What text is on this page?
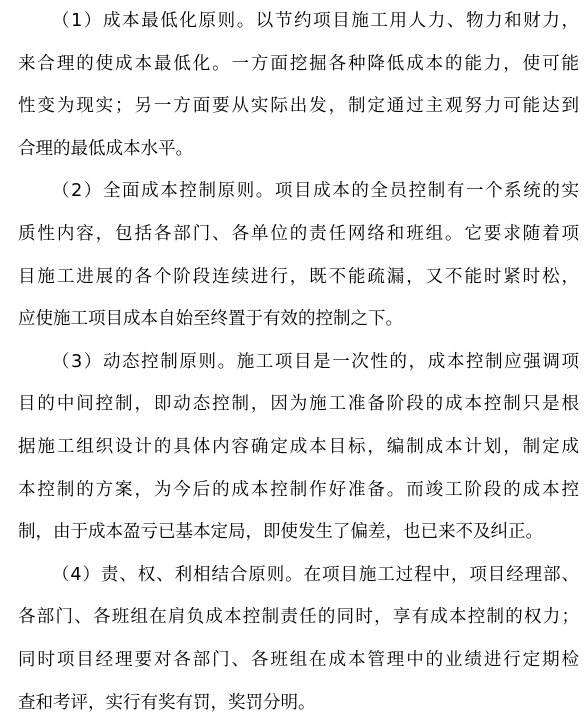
（1）成本最低化原则。以节约项目施工用人力、物力和财力，
来合理的使成本最低化。一方面挖掘各种降低成本的能力，使可能
性变为现实；另一方面要从实际出发，制定通过主观努力可能达到
合理的最低成本水平。
（2）全面成本控制原则。项目成本的全员控制有一个系统的实
质性内容，包括各部门、各单位的责任网络和班组。它要求随着项
目施工进展的各个阶段连续进行，既不能疏漏，又不能时紧时松，
应使施工项目成本自始至终置于有效的控制之下。
（3）动态控制原则。施工项目是一次性的，成本控制应强调项
目的中间控制，即动态控制，因为施工准备阶段的成本控制只是根
据施工组织设计的具体内容确定成本目标，编制成本计划，制定成
本控制的方案，为今后的成本控制作好准备。而竣工阶段的成本控
制，由于成本盈亏已基本定局，即使发生了偏差，也已来不及纠正。
（4）责、权、利相结合原则。在项目施工过程中，项目经理部、
各部门、各班组在肩负成本控制责任的同时，享有成本控制的权力；
同时项目经理要对各部门、各班组在成本管理中的业绩进行定期检
查和考评，实行有奖有罚，奖罚分明。
